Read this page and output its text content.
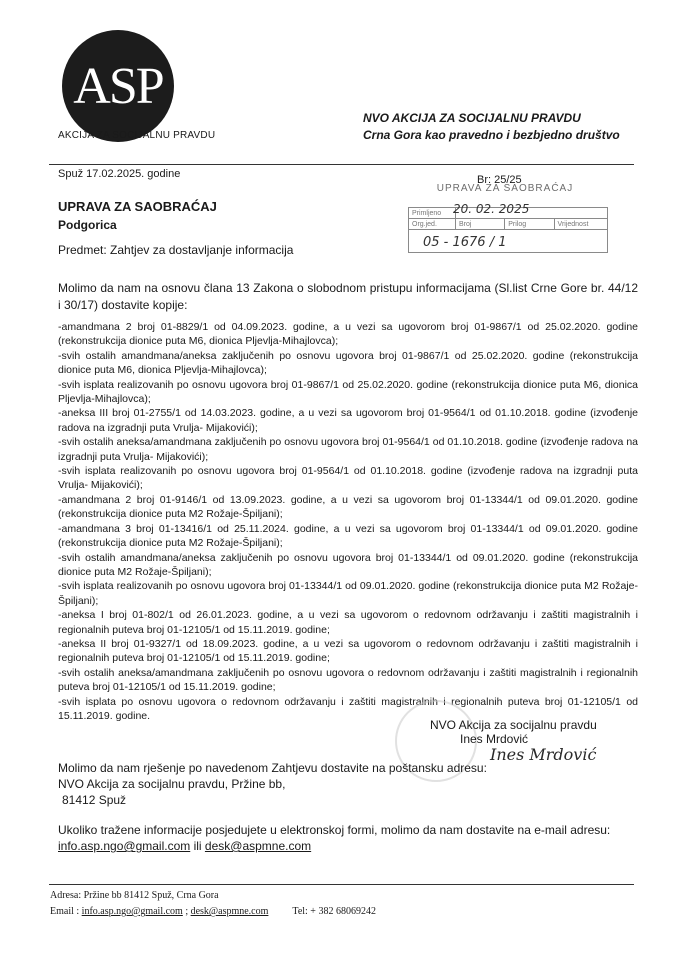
ASP
AKCIJA ZA SOCIJALNU PRAVDU
NVO AKCIJA ZA SOCIJALNU PRAVDU
Crna Gora kao pravedno i bezbjedno društvo
Spuž 17.02.2025. godine	Br: 25/25
UPRAVA ZA SAOBRAĆAJ
Podgorica
UPRAVA ZA SAOBRAĆAJ
Primljeno			
Org.jed.	Broj	Prilog	Vrijednost

20. 02. 2025
05 - 1676 / 1
Predmet: Zahtjev za dostavljanje informacija
Molimo da nam na osnovu člana 13 Zakona o slobodnom pristupu informacijama (Sl.list Crne Gore br. 44/12 i 30/17) dostavite kopije:

-amandmana 2 broj 01-8829/1 od 04.09.2023. godine, a u vezi sa ugovorom broj 01-9867/1 od 25.02.2020. godine (rekonstrukcija dionice puta M6, dionica Pljevlja-Mihajlovca);

-svih ostalih amandmana/aneksa zaključenih po osnovu ugovora broj 01-9867/1 od 25.02.2020. godine (rekonstrukcija dionice puta M6, dionica Pljevlja-Mihajlovca);

-svih isplata realizovanih po osnovu ugovora broj 01-9867/1 od 25.02.2020. godine (rekonstrukcija dionice puta M6, dionica Pljevlja-Mihajlovca);

-aneksa III broj 01-2755/1 od 14.03.2023. godine, a u vezi sa ugovorom broj 01-9564/1 od 01.10.2018. godine (izvođenje radova na izgradnji puta Vrulja- Mijakovići);

-svih ostalih aneksa/amandmana zaključenih po osnovu ugovora broj 01-9564/1 od 01.10.2018. godine (izvođenje radova na izgradnji puta Vrulja- Mijakovići);

-svih isplata realizovanih po osnovu ugovora broj 01-9564/1 od 01.10.2018. godine (izvođenje radova na izgradnji puta Vrulja- Mijakovići);

-amandmana 2 broj 01-9146/1 od 13.09.2023. godine, a u vezi sa ugovorom broj 01-13344/1 od 09.01.2020. godine (rekonstrukcija dionice puta M2 Rožaje-Špiljani);

-amandmana 3 broj 01-13416/1 od 25.11.2024. godine, a u vezi sa ugovorom broj 01-13344/1 od 09.01.2020. godine (rekonstrukcija dionice puta M2 Rožaje-Špiljani);

-svih ostalih amandmana/aneksa zaključenih po osnovu ugovora broj 01-13344/1 od 09.01.2020. godine (rekonstrukcija dionice puta M2 Rožaje-Špiljani);

-svih isplata realizovanih po osnovu ugovora broj 01-13344/1 od 09.01.2020. godine (rekonstrukcija dionice puta M2 Rožaje-Špiljani);

-aneksa I broj 01-802/1 od 26.01.2023. godine, a u vezi sa ugovorom o redovnom održavanju i zaštiti magistralnih i regionalnih puteva broj 01-12105/1 od 15.11.2019. godine;

-aneksa II broj 01-9327/1 od 18.09.2023. godine, a u vezi sa ugovorom o redovnom održavanju i zaštiti magistralnih i regionalnih puteva broj 01-12105/1 od 15.11.2019. godine;

-svih ostalih aneksa/amandmana zaključenih po osnovu ugovora o redovnom održavanju i zaštiti magistralnih i regionalnih puteva broj 01-12105/1 od 15.11.2019. godine;

-svih isplata po osnovu ugovora o redovnom održavanju i zaštiti magistralnih i regionalnih puteva broj 01-12105/1 od 15.11.2019. godine.

NVO Akcija za socijalnu pravdu
Ines Mrdović
Ines Mrdović
Molimo da nam rješenje po navedenom Zahtjevu dostavite na poštansku adresu:
NVO Akcija za socijalnu pravdu, Pržine bb,
81412 Spuž
Ukoliko tražene informacije posjedujete u elektronskoj formi, molimo da nam dostavite na e-mail adresu:
info.asp.ngo@gmail.com ili desk@aspmne.com
Adresa: Pržine bb 81412 Spuž, Crna Gora
Email : info.asp.ngo@gmail.com ; desk@aspmne.com Tel: + 382 68069242
